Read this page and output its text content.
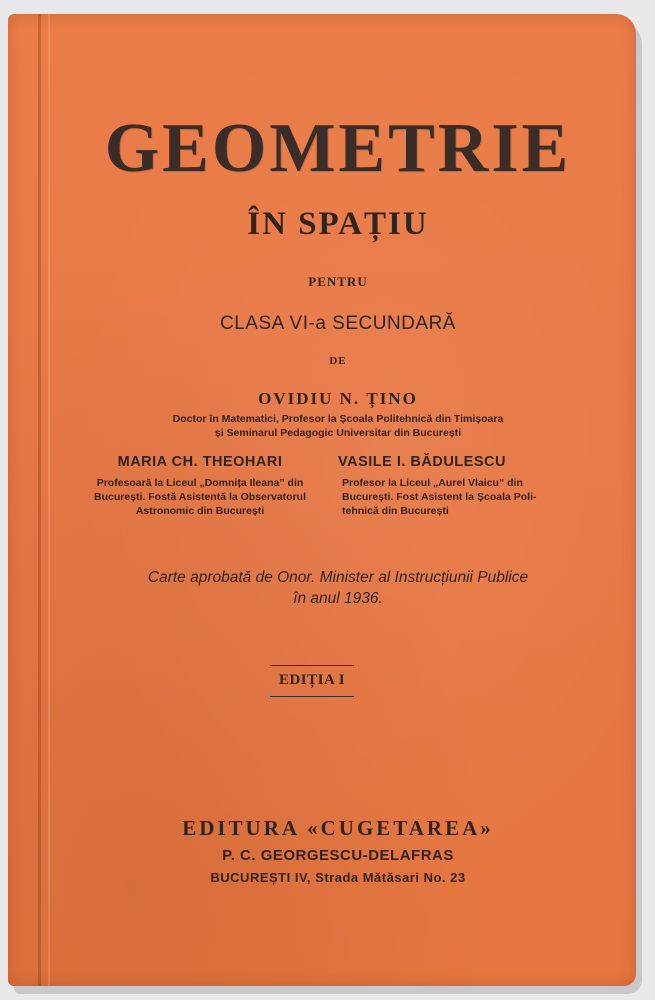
GEOMETRIE
ÎN SPAȚIU
PENTRU
CLASA VI-a SECUNDARĂ
DE
OVIDIU N. ȚINO
Doctor în Matematici, Profesor la Școala Politehnică din Timișoara
și Seminarul Pedagogic Universitar din București
MARIA CH. THEOHARI
Profesoară la Liceul „Domnița Ileana” din
București. Fostă Asistentă la Observatorul
Astronomic din București
VASILE I. BĂDULESCU
Profesor la Liceul „Aurel Vlaicu” din
București. Fost Asistent la Școala Poli-
tehnică din București
Carte aprobată de Onor. Minister al Instrucțiunii Publice
în anul 1936.
EDIȚIA I
EDITURA «CUGETAREA»
P. C. GEORGESCU-DELAFRAS
BUCUREȘTI IV, Strada Mătăsari No. 23
